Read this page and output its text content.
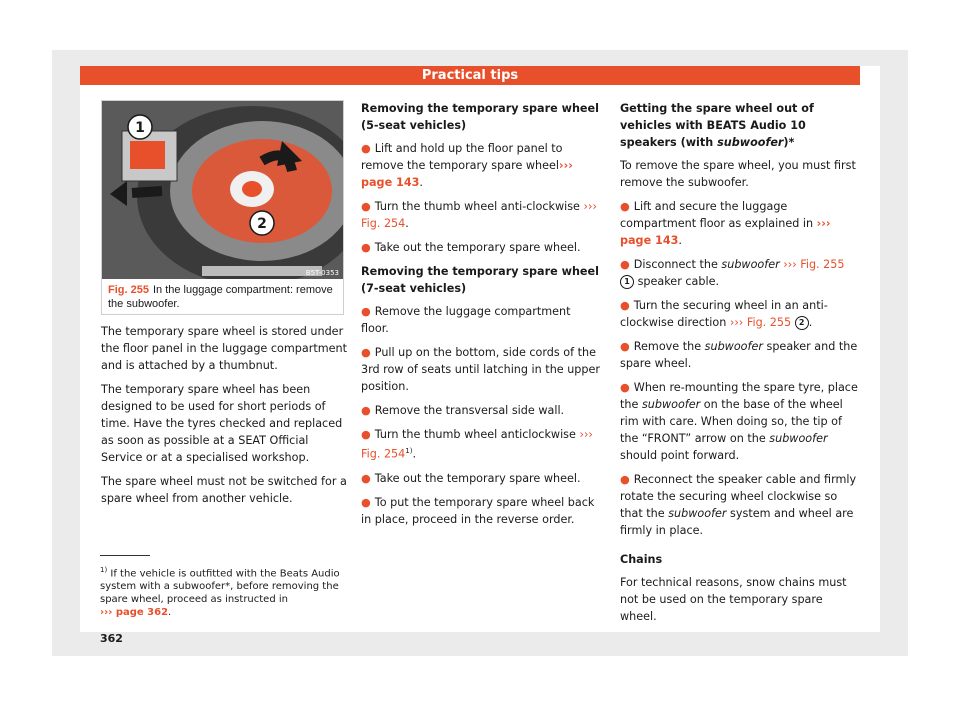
Practical tips
1
2
B5T-0353
Fig. 255 In the luggage compartment: remove the subwoofer.

The temporary spare wheel is stored under the floor panel in the luggage compartment and is attached by a thumbnut.

The temporary spare wheel has been designed to be used for short periods of time. Have the tyres checked and replaced as soon as possible at a SEAT Official Service or at a specialised workshop.

The spare wheel must not be switched for a spare wheel from another vehicle.

Removing the temporary spare wheel (5-seat vehicles)

● Lift and hold up the floor panel to remove the temporary spare wheel››› page 143.

● Turn the thumb wheel anti-clockwise ››› Fig. 254.

● Take out the temporary spare wheel.

Removing the temporary spare wheel (7-seat vehicles)

● Remove the luggage compartment floor.

● Pull up on the bottom, side cords of the 3rd row of seats until latching in the upper position.

● Remove the transversal side wall.

● Turn the thumb wheel anticlockwise ››› Fig. 254$^{1)}$.

● Take out the temporary spare wheel.

● To put the temporary spare wheel back in place, proceed in the reverse order.

Getting the spare wheel out of vehicles with BEATS Audio 10 speakers (with subwoofer)*

To remove the spare wheel, you must first remove the subwoofer.

● Lift and secure the luggage compartment floor as explained in ››› page 143.

● Disconnect the subwoofer ››› Fig. 255 1 speaker cable.

● Turn the securing wheel in an anti-clockwise direction ››› Fig. 255 2 .

● Remove the subwoofer speaker and the spare wheel.

● When re-mounting the spare tyre, place the subwoofer on the base of the wheel rim with care. When doing so, the tip of the “FRONT” arrow on the subwoofer should point forward.

● Reconnect the speaker cable and firmly rotate the securing wheel clockwise so that the subwoofer system and wheel are firmly in place.

Chains

For technical reasons, snow chains must not be used on the temporary spare wheel.

$^{1)}$ If the vehicle is outfitted with the Beats Audio system with a subwoofer*, before removing the spare wheel, proceed as instructed in
››› page 362.
362
